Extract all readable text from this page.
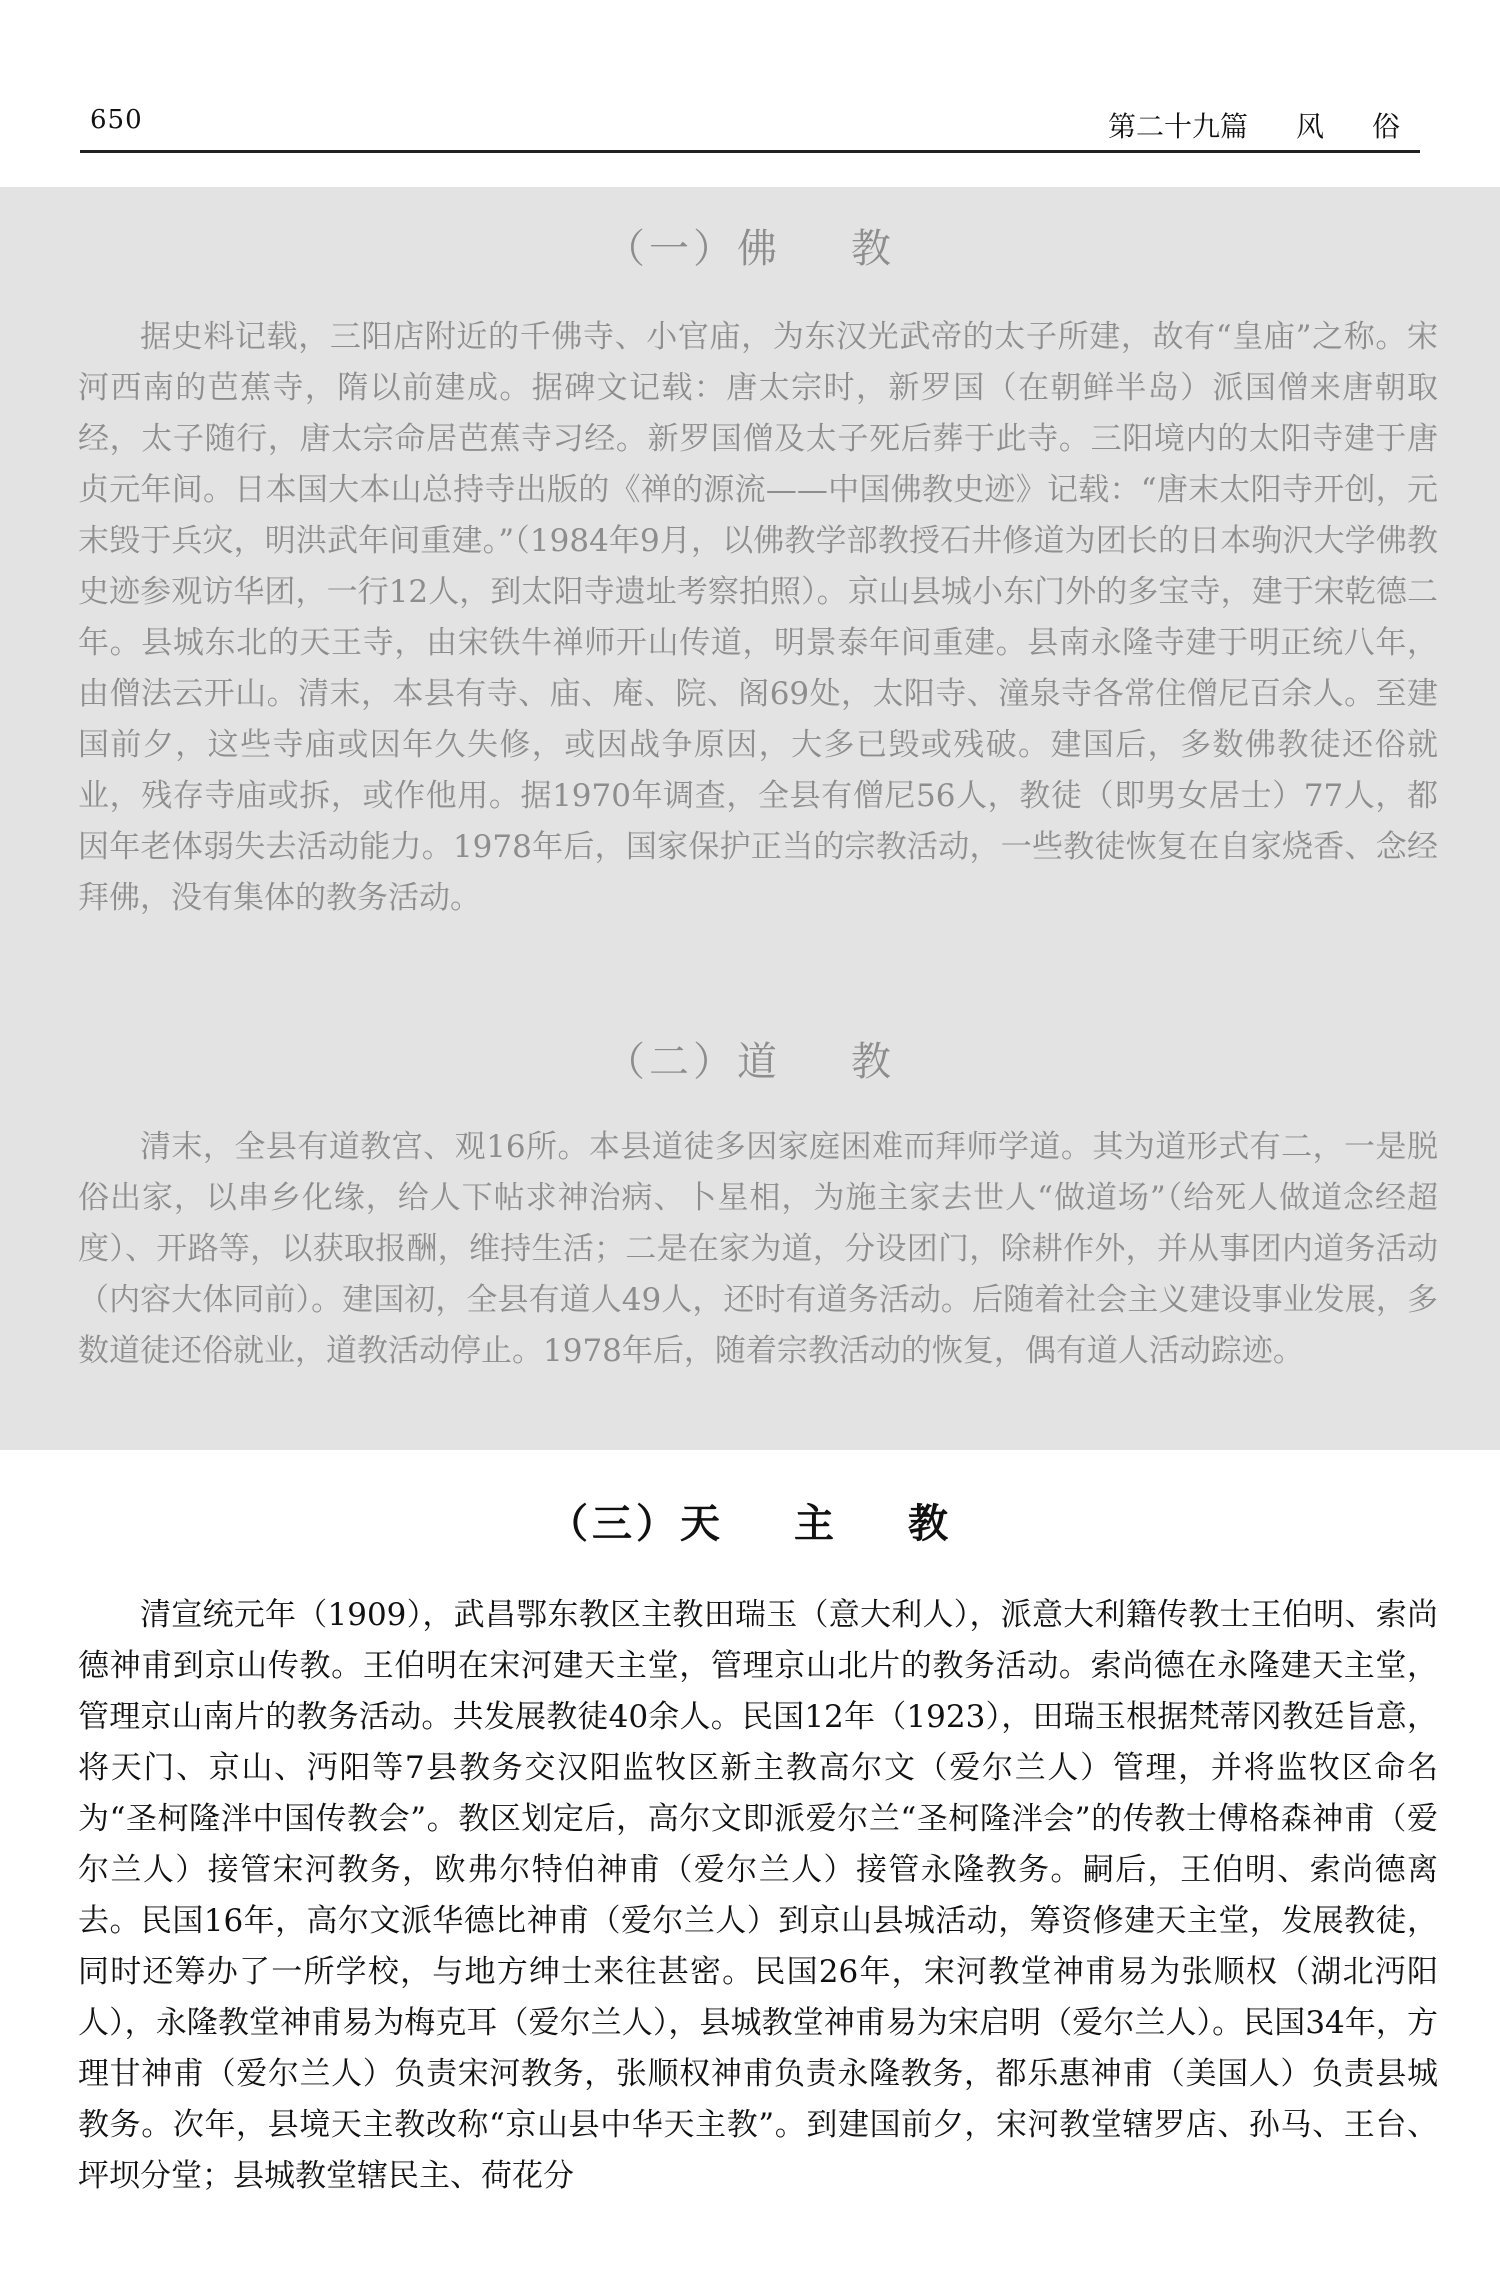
650	第二十九篇 风 俗
（一）佛 教

据史料记载，三阳店附近的千佛寺、小官庙，为东汉光武帝的太子所建，故有“皇庙”之称。宋河西南的芭蕉寺，隋以前建成。据碑文记载：唐太宗时，新罗国（在朝鲜半岛）派国僧来唐朝取经，太子随行，唐太宗命居芭蕉寺习经。新罗国僧及太子死后葬于此寺。三阳境内的太阳寺建于唐贞元年间。日本国大本山总持寺出版的《禅的源流——中国佛教史迹》记载：“唐末太阳寺开创，元末毁于兵灾，明洪武年间重建。”（1984年9月，以佛教学部教授石井修道为团长的日本驹沢大学佛教史迹参观访华团，一行12人，到太阳寺遗址考察拍照）。京山县城小东门外的多宝寺，建于宋乾德二年。县城东北的天王寺，由宋铁牛禅师开山传道，明景泰年间重建。县南永隆寺建于明正统八年，由僧法云开山。清末，本县有寺、庙、庵、院、阁69处，太阳寺、潼泉寺各常住僧尼百余人。至建国前夕，这些寺庙或因年久失修，或因战争原因，大多已毁或残破。建国后，多数佛教徒还俗就业，残存寺庙或拆，或作他用。据1970年调查，全县有僧尼56人，教徒（即男女居士）77人，都因年老体弱失去活动能力。1978年后，国家保护正当的宗教活动，一些教徒恢复在自家烧香、念经拜佛，没有集体的教务活动。

（二）道 教

清末，全县有道教宫、观16所。本县道徒多因家庭困难而拜师学道。其为道形式有二，一是脱俗出家，以串乡化缘，给人下帖求神治病、卜星相，为施主家去世人“做道场”（给死人做道念经超度）、开路等，以获取报酬，维持生活；二是在家为道，分设团门，除耕作外，并从事团内道务活动（内容大体同前）。建国初，全县有道人49人，还时有道务活动。后随着社会主义建设事业发展，多数道徒还俗就业，道教活动停止。1978年后，随着宗教活动的恢复，偶有道人活动踪迹。

（三）天 主 教

清宣统元年（1909），武昌鄂东教区主教田瑞玉（意大利人），派意大利籍传教士王伯明、索尚德神甫到京山传教。王伯明在宋河建天主堂，管理京山北片的教务活动。索尚德在永隆建天主堂，管理京山南片的教务活动。共发展教徒40余人。民国12年（1923），田瑞玉根据梵蒂冈教廷旨意，将天门、京山、沔阳等7县教务交汉阳监牧区新主教高尔文（爱尔兰人）管理，并将监牧区命名为“圣柯隆泮中国传教会”。教区划定后，高尔文即派爱尔兰“圣柯隆泮会”的传教士傅格森神甫（爱尔兰人）接管宋河教务，欧弗尔特伯神甫（爱尔兰人）接管永隆教务。嗣后，王伯明、索尚德离去。民国16年，高尔文派华德比神甫（爱尔兰人）到京山县城活动，筹资修建天主堂，发展教徒，同时还筹办了一所学校，与地方绅士来往甚密。民国26年，宋河教堂神甫易为张顺权（湖北沔阳人），永隆教堂神甫易为梅克耳（爱尔兰人），县城教堂神甫易为宋启明（爱尔兰人）。民国34年，方理甘神甫（爱尔兰人）负责宋河教务，张顺权神甫负责永隆教务，都乐惠神甫（美国人）负责县城教务。次年，县境天主教改称“京山县中华天主教”。到建国前夕，宋河教堂辖罗店、孙马、王台、坪坝分堂；县城教堂辖民主、荷花分
